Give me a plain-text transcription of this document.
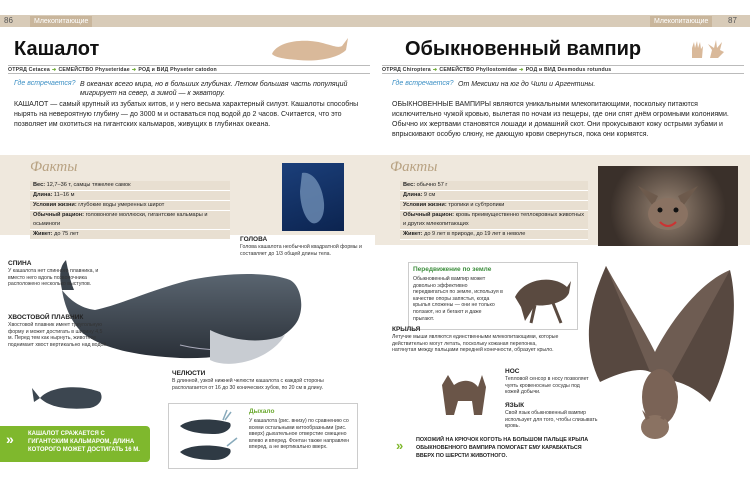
86	Млекопитающие
Кашалот
ОТРЯД Cetacea ➔ СЕМЕЙСТВО Physeteridae ➔ РОД и ВИД Physeter catodon
Где встречается? В океанах всего мира, но в больших глубинах. Летом большая часть популяций мигрирует на север, а зимой — к экватору.
КАШАЛОТ — самый крупный из зубатых китов, и у него весьма характерный силуэт. Кашалоты способны нырять на невероятную глубину — до 3000 м и оставаться под водой до 2 часов. Считается, что это позволяет им охотиться на гигантских кальмаров, живущих в глубинах океана.
Факты
Вес: 12,7–36 т, самцы тяжелее самок
Длина: 11–16 м
Условия жизни: глубокие воды умеренных широт
Обычный рацион: головоногие моллюски, гигантские кальмары и осьминоги
Живет: до 75 лет
ГОЛОВА
Голова кашалота необычной квадратной формы и составляет до 1/3 общей длины тела.
СПИНА
У кашалота нет спинного плавника, и вместо него вдоль позвоночника расположено несколько выступов.
ХВОСТОВОЙ ПЛАВНИК
Хвостовой плавник имеет треугольную форму и может достигать в ширину 4,5 м. Перед тем как нырнуть, животное поднимает хвост вертикально над водой.
ЧЕЛЮСТИ
В длинной, узкой нижней челюсти кашалота с каждой стороны располагается от 16 до 30 конических зубов, по 20 см в длину.
Дыхало
У кашалота (рис. внизу) по сравнению со всеми остальными китообразными (рис. вверх) дыхательное отверстие смещено влево и вперед. Фонтан также направлен вперед, а не вертикально вверх.
» КАШАЛОТ СРАЖАЕТСЯ С ГИГАНТСКИМ КАЛЬМАРОМ, ДЛИНА КОТОРОГО МОЖЕТ ДОСТИГАТЬ 16 М.
Млекопитающие	87
Обыкновенный вампир
ОТРЯД Chiroptera ➔ СЕМЕЙСТВО Phyllostomidae ➔ РОД и ВИД Desmodus rotundus
Где встречается? От Мексики на юг до Чили и Аргентины.
ОБЫКНОВЕННЫЕ ВАМПИРЫ являются уникальными млекопитающими, поскольку питаются исключительно чужой кровью, вылетая по ночам из пещеры, где они спят днём огромными колониями. Обычно их жертвами становятся лошади и домашний скот. Они прокусывают кожу острыми зубами и впрыскивают особую слюну, не дающую крови свернуться, пока они кормятся.
Факты
Вес: обычно 57 г
Длина: 9 см
Условия жизни: тропики и субтропики
Обычный рацион: кровь преимущественно теплокровных животных и других млекопитающих
Живет: до 9 лет в природе, до 19 лет в неволе
Передвижение по земле
Обыкновенный вампир может довольно эффективно передвигаться по земле, используя в качестве опоры запястья, когда крылья сложены — они не только ползают, но и бегают и даже прыгают.
КРЫЛЬЯ
Летучие мыши являются единственными млекопитающими, которые действительно могут летать, поскольку кожаная перепонка, натянутая между пальцами передней конечности, образует крыло.
НОС
Тепловой сенсор в носу позволяет чуять кровеносные сосуды под кожей добычи.
ЯЗЫК
Свой язык обыкновенный вампир использует для того, чтобы слизывать кровь.
» ПОХОЖИЙ НА КРЮЧОК КОГОТЬ НА БОЛЬШОМ ПАЛЬЦЕ КРЫЛА ОБЫКНОВЕННОГО ВАМПИРА ПОМОГАЕТ ЕМУ КАРАБКАТЬСЯ ВВЕРХ ПО ШЕРСТИ ЖИВОТНОГО.
